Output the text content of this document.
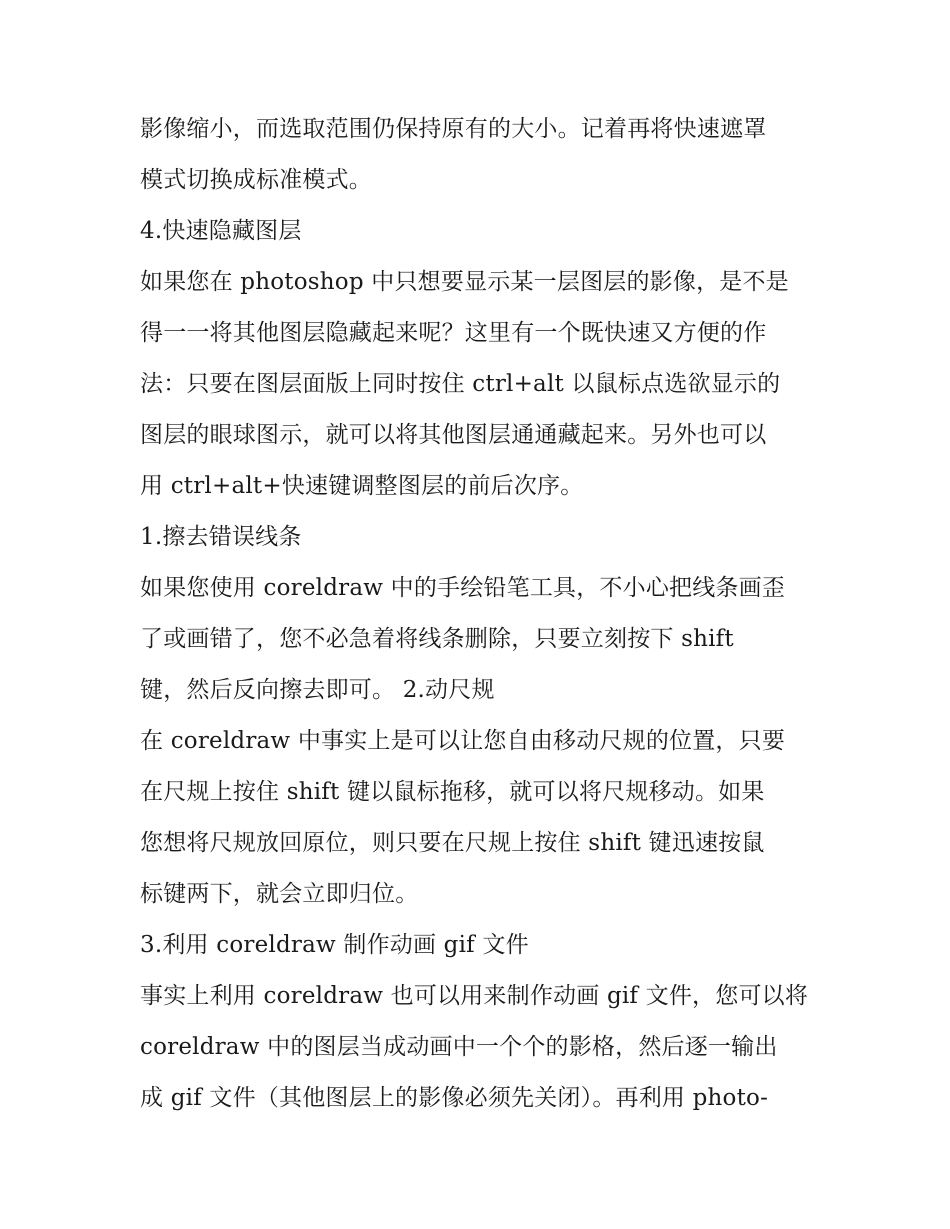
影像缩小，而选取范围仍保持原有的大小。记着再将快速遮罩
模式切换成标准模式。
4.快速隐藏图层
如果您在 photoshop 中只想要显示某一层图层的影像，是不是
得一一将其他图层隐藏起来呢？这里有一个既快速又方便的作
法：只要在图层面版上同时按住 ctrl+alt 以鼠标点选欲显示的
图层的眼球图示，就可以将其他图层通通藏起来。另外也可以
用 ctrl+alt+快速键调整图层的前后次序。
1.擦去错误线条
如果您使用 coreldraw 中的手绘铅笔工具，不小心把线条画歪
了或画错了，您不必急着将线条删除，只要立刻按下 shift
键，然后反向擦去即可。 2.动尺规
在 coreldraw 中事实上是可以让您自由移动尺规的位置，只要
在尺规上按住 shift 键以鼠标拖移，就可以将尺规移动。如果
您想将尺规放回原位，则只要在尺规上按住 shift 键迅速按鼠
标键两下，就会立即归位。
3.利用 coreldraw 制作动画 gif 文件
事实上利用 coreldraw 也可以用来制作动画 gif 文件，您可以将
coreldraw 中的图层当成动画中一个个的影格，然后逐一输出
成 gif 文件（其他图层上的影像必须先关闭）。再利用 photo-
